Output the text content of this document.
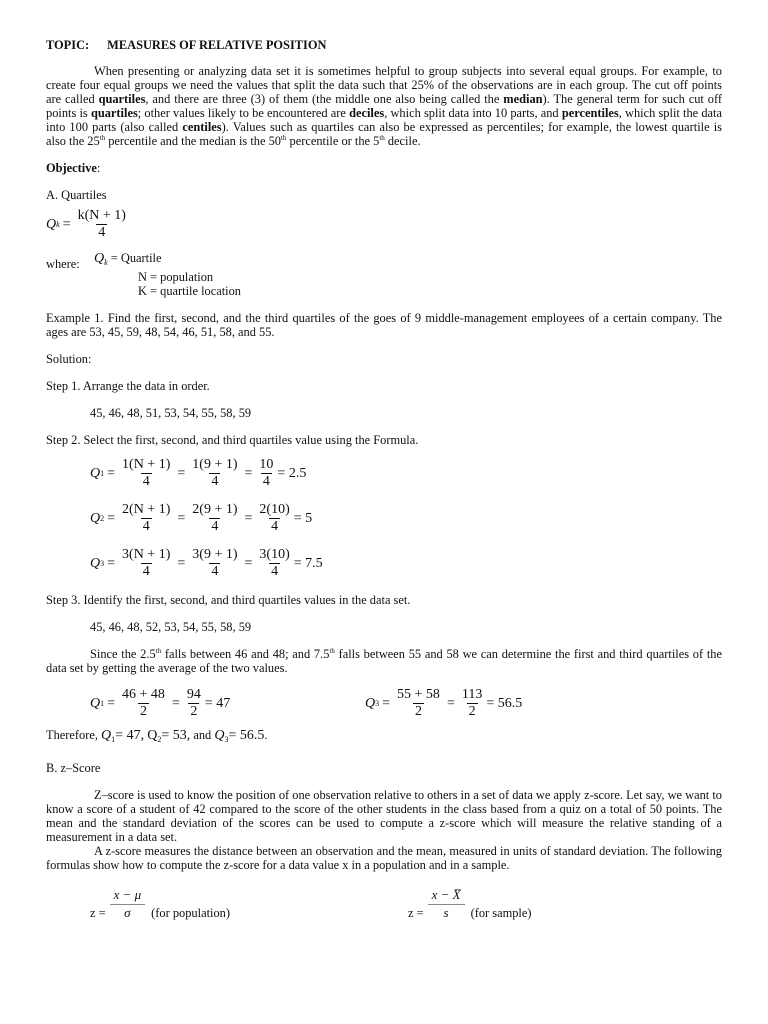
TOPIC: MEASURES OF RELATIVE POSITION

When presenting or analyzing data set it is sometimes helpful to group subjects into several equal groups. For example, to create four equal groups we need the values that split the data such that 25% of the observations are in each group. The cut off points are called quartiles, and there are three (3) of them (the middle one also being called the median). The general term for such cut off points is quartiles; other values likely to be encountered are deciles, which split data into 10 parts, and percentiles, which split the data into 100 parts (also called centiles). Values such as quartiles can also be expressed as percentiles; for example, the lowest quartile is also the 25th percentile and the median is the 50th percentile or the 5th decile.

Objective:

A. Quartiles

Q $k = \frac{k(N + 1)}{4}$
where:	$Q_k$ = Quartile
N = population
K = quartile location

Example 1. Find the first, second, and the third quartiles of the goes of 9 middle-management employees of a certain company. The ages are 53, 45, 59, 48, 54, 46, 51, 58, and 55.

Solution:

Step 1. Arrange the data in order.

45, 46, 48, 51, 53, 54, 55, 58, 59

Step 2. Select the first, second, and third quartiles value using the Formula.

Q $1 = \frac{1(N + 1)}{4} = \frac{1(9 + 1)}{4} = \frac{10}{4} = 2.5$
Q $2 = \frac{2(N + 1)}{4} = \frac{2(9 + 1)}{4} = \frac{2(10)}{4} = 5$
Q $3 = \frac{3(N + 1)}{4} = \frac{3(9 + 1)}{4} = \frac{3(10)}{4} = 7.5$

Step 3. Identify the first, second, and third quartiles values in the data set.

45, 46, 48, 52, 53, 54, 55, 58, 59

Since the 2.5th falls between 46 and 48; and 7.5th falls between 55 and 58 we can determine the first and third quartiles of the data set by getting the average of the two values.

Q $1 = \frac{46 + 48}{2} = \frac{94}{2} = 47$	Q $3 = \frac{55 + 58}{2} = \frac{113}{2} = 56.5$
Therefore,
$Q_1= 47$,
$Q_2= 53$,
and
$Q_3= 56.5$ .

B. z–Score

Z–score is used to know the position of one observation relative to others in a set of data we apply z-score. Let say, we want to know a score of a student of 42 compared to the score of the other students in the class based from a quiz on a total of 50 points. The mean and the standard deviation of the scores can be used to compute a z-score which will measure the relative standing of a measurement in a data set.

A z-score measures the distance between an observation and the mean, measured in units of standard deviation. The following formulas show how to compute the z-score for a data value x in a population and in a sample.

$z = \frac{x - \mu}{\sigma} (for$ population)	$z = \frac{x - X̅}{s} (for$ sample)
